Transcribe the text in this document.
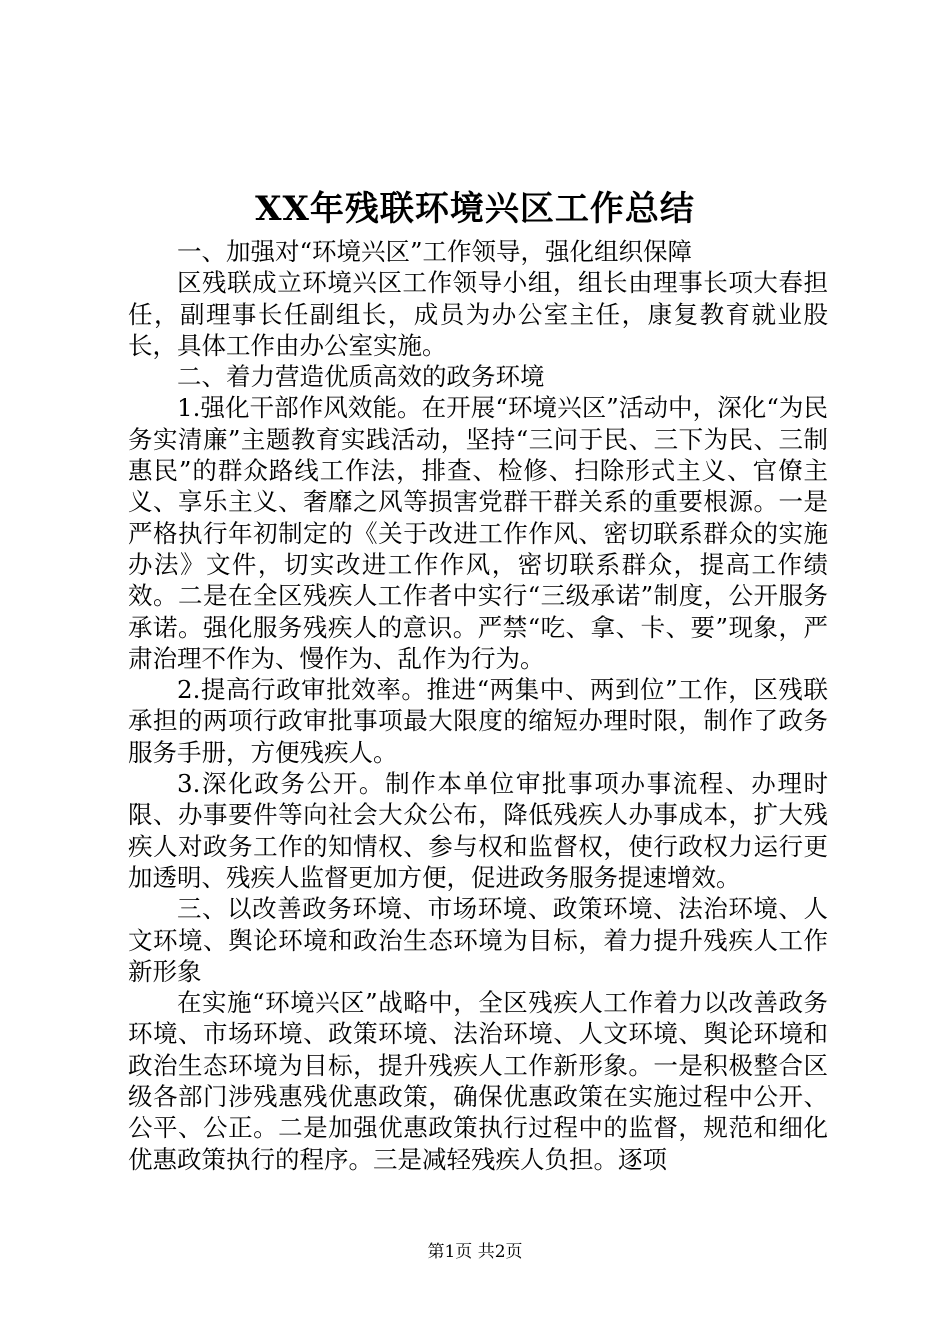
XX年残联环境兴区工作总结

一、加强对“环境兴区”工作领导，强化组织保障

区残联成立环境兴区工作领导小组，组长由理事长项大春担任，副理事长任副组长，成员为办公室主任，康复教育就业股长，具体工作由办公室实施。

二、着力营造优质高效的政务环境

1.强化干部作风效能。在开展“环境兴区”活动中，深化“为民务实清廉”主题教育实践活动，坚持“三问于民、三下为民、三制惠民”的群众路线工作法，排查、检修、扫除形式主义、官僚主义、享乐主义、奢靡之风等损害党群干群关系的重要根源。一是严格执行年初制定的《关于改进工作作风、密切联系群众的实施办法》文件，切实改进工作作风，密切联系群众，提高工作绩效。二是在全区残疾人工作者中实行“三级承诺”制度，公开服务承诺。强化服务残疾人的意识。严禁“吃、拿、卡、要”现象，严肃治理不作为、慢作为、乱作为行为。

2.提高行政审批效率。推进“两集中、两到位”工作，区残联承担的两项行政审批事项最大限度的缩短办理时限，制作了政务服务手册，方便残疾人。

3.深化政务公开。制作本单位审批事项办事流程、办理时限、办事要件等向社会大众公布，降低残疾人办事成本，扩大残疾人对政务工作的知情权、参与权和监督权，使行政权力运行更加透明、残疾人监督更加方便，促进政务服务提速增效。

三、以改善政务环境、市场环境、政策环境、法治环境、人文环境、舆论环境和政治生态环境为目标，着力提升残疾人工作新形象

在实施“环境兴区”战略中，全区残疾人工作着力以改善政务环境、市场环境、政策环境、法治环境、人文环境、舆论环境和政治生态环境为目标，提升残疾人工作新形象。一是积极整合区级各部门涉残惠残优惠政策，确保优惠政策在实施过程中公开、公平、公正。二是加强优惠政策执行过程中的监督，规范和细化优惠政策执行的程序。三是减轻残疾人负担。逐项

第1页 共2页
